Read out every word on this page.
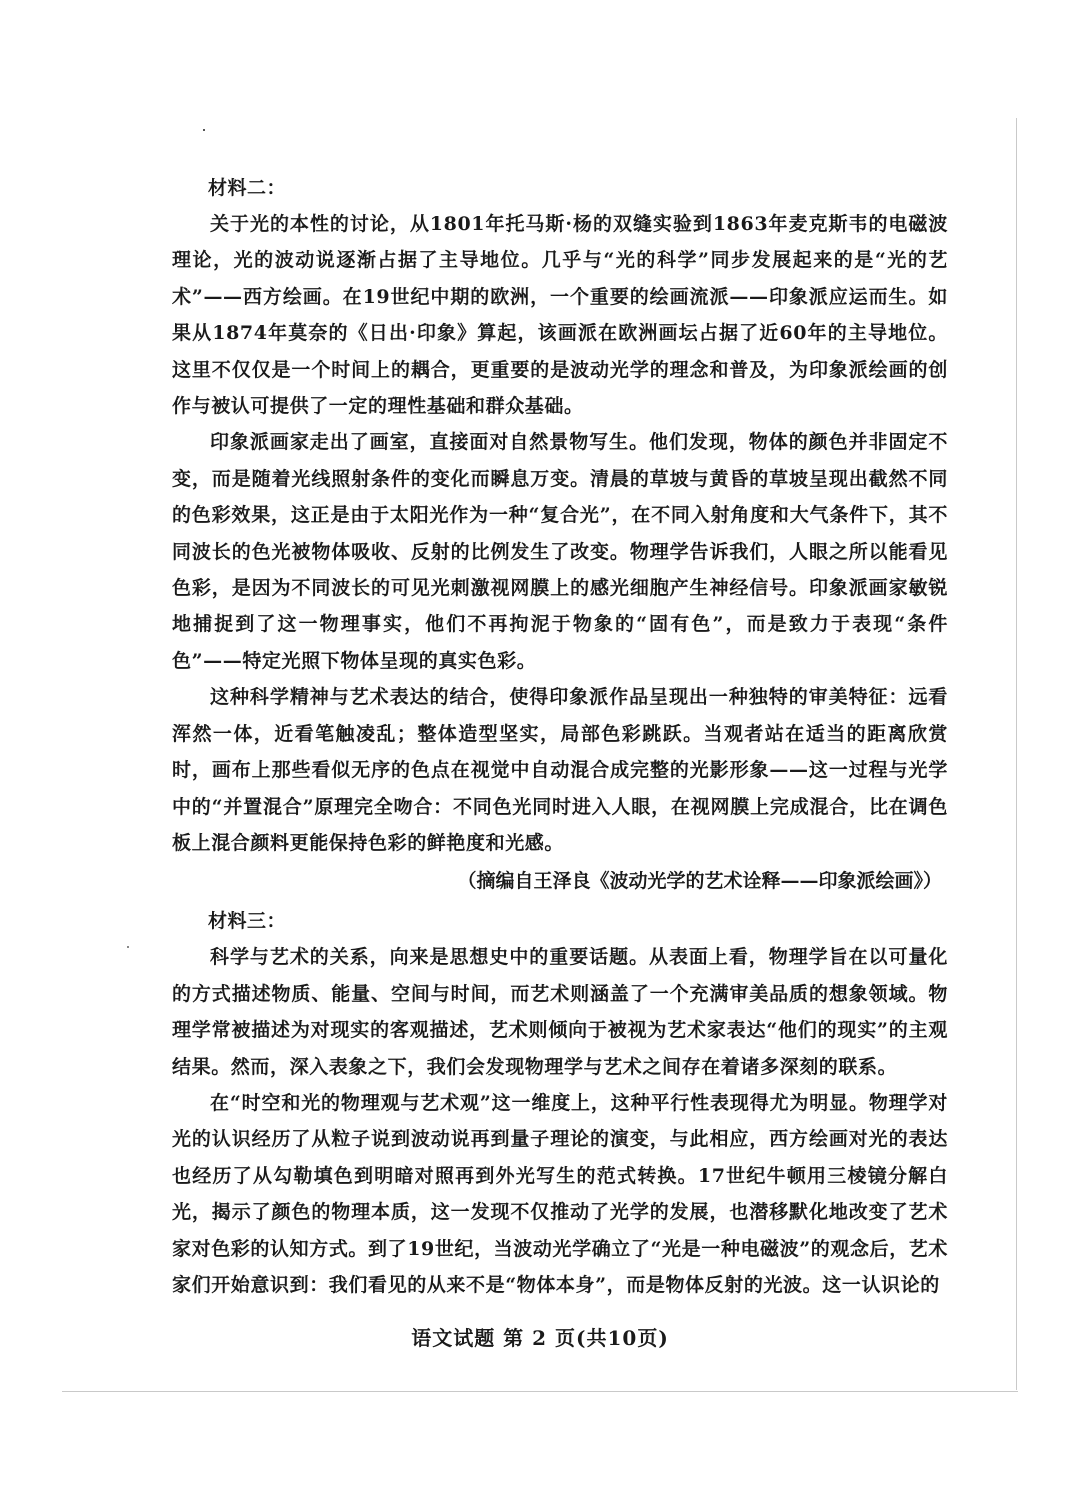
材料二：

关于光的本性的讨论，从1801年托马斯·杨的双缝实验到1863年麦克斯韦的电磁波理论，光的波动说逐渐占据了主导地位。几乎与“光的科学”同步发展起来的是“光的艺术”——西方绘画。在19世纪中期的欧洲，一个重要的绘画流派——印象派应运而生。如果从1874年莫奈的《日出·印象》算起，该画派在欧洲画坛占据了近60年的主导地位。这里不仅仅是一个时间上的耦合，更重要的是波动光学的理念和普及，为印象派绘画的创作与被认可提供了一定的理性基础和群众基础。

印象派画家走出了画室，直接面对自然景物写生。他们发现，物体的颜色并非固定不变，而是随着光线照射条件的变化而瞬息万变。清晨的草坡与黄昏的草坡呈现出截然不同的色彩效果，这正是由于太阳光作为一种“复合光”，在不同入射角度和大气条件下，其不同波长的色光被物体吸收、反射的比例发生了改变。物理学告诉我们，人眼之所以能看见色彩，是因为不同波长的可见光刺激视网膜上的感光细胞产生神经信号。印象派画家敏锐地捕捉到了这一物理事实，他们不再拘泥于物象的“固有色”，而是致力于表现“条件色”——特定光照下物体呈现的真实色彩。

这种科学精神与艺术表达的结合，使得印象派作品呈现出一种独特的审美特征：远看浑然一体，近看笔触凌乱；整体造型坚实，局部色彩跳跃。当观者站在适当的距离欣赏时，画布上那些看似无序的色点在视觉中自动混合成完整的光影形象——这一过程与光学中的“并置混合”原理完全吻合：不同色光同时进入人眼，在视网膜上完成混合，比在调色板上混合颜料更能保持色彩的鲜艳度和光感。

（摘编自王泽良《波动光学的艺术诠释——印象派绘画》）

材料三：

科学与艺术的关系，向来是思想史中的重要话题。从表面上看，物理学旨在以可量化的方式描述物质、能量、空间与时间，而艺术则涵盖了一个充满审美品质的想象领域。物理学常被描述为对现实的客观描述，艺术则倾向于被视为艺术家表达“他们的现实”的主观结果。然而，深入表象之下，我们会发现物理学与艺术之间存在着诸多深刻的联系。

在“时空和光的物理观与艺术观”这一维度上，这种平行性表现得尤为明显。物理学对光的认识经历了从粒子说到波动说再到量子理论的演变，与此相应，西方绘画对光的表达也经历了从勾勒填色到明暗对照再到外光写生的范式转换。17世纪牛顿用三棱镜分解白光，揭示了颜色的物理本质，这一发现不仅推动了光学的发展，也潜移默化地改变了艺术家对色彩的认知方式。到了19世纪，当波动光学确立了“光是一种电磁波”的观念后，艺术家们开始意识到：我们看见的从来不是“物体本身”，而是物体反射的光波。这一认识论的

语文试题 第 2 页(共10页)
